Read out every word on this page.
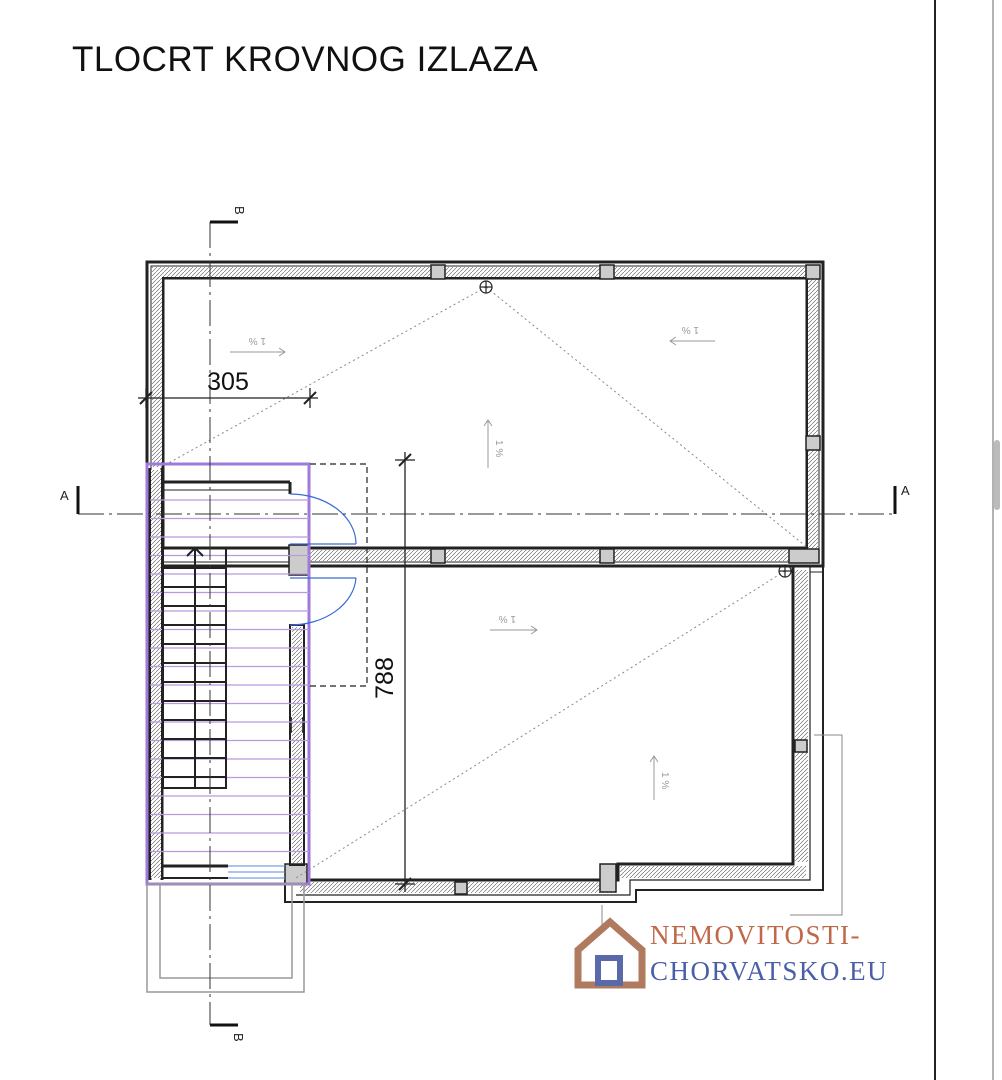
TLOCRT KROVNOG IZLAZA
1 %
1 %
1 %
1 %
1 %
A	A
B
B
305
788
NEMOVITOSTI-
CHORVATSKO.EU
